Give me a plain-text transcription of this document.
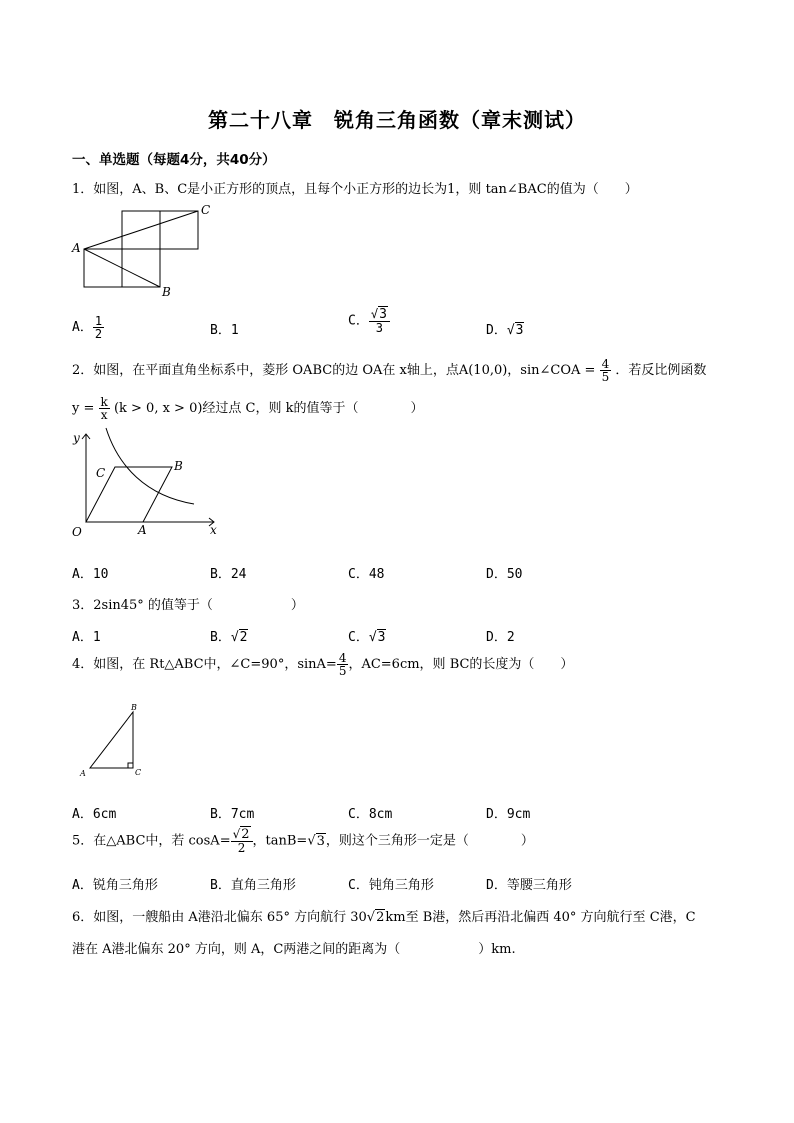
第二十八章　锐角三角函数（章末测试）
一、单选题（每题4分，共40分）
1．如图，A、B、C是小正方形的顶点，且每个小正方形的边长为1，则 tan∠BAC的值为（　　）
A
C
B
A． $\frac{1}{2}$	B．1
C． $\frac{√3}{3}$	D．√3
2．如图，在平面直角坐标系中，菱形 OABC的边 OA在 x轴上，点A(10,0)，sin∠COA = $\frac{4}{5}$ ．若反比例函数
$y = \frac{k}{x} (k > 0$, x > 0)经过点 C，则 k的值等于（　　　　）
y
x
O	A
B
C
A．10	B．24	C．48	D．50
3．2sin45° 的值等于（　　　　　　）
A．1	B．√2	C．√3	D．2
4．如图，在 Rt△ABC中，∠C=90°，$\sin A= \frac{4}{5}$ ，AC=6cm，则 BC的长度为（　　）
B
A	C
A．6cm	B．7cm	C．8cm	D．9cm
5．在△ABC中，若 $\cos A= \frac{√2}{2}$ ，tanB=√3，则这个三角形一定是（　　　　）
A．锐角三角形	B．直角三角形	C．钝角三角形	D．等腰三角形
6．如图，一艘船由 A港沿北偏东 65° 方向航行 30√2km至 B港，然后再沿北偏西 40° 方向航行至 C港，C
港在 A港北偏东 20° 方向，则 A，C两港之间的距离为（　　　　　　）km.
